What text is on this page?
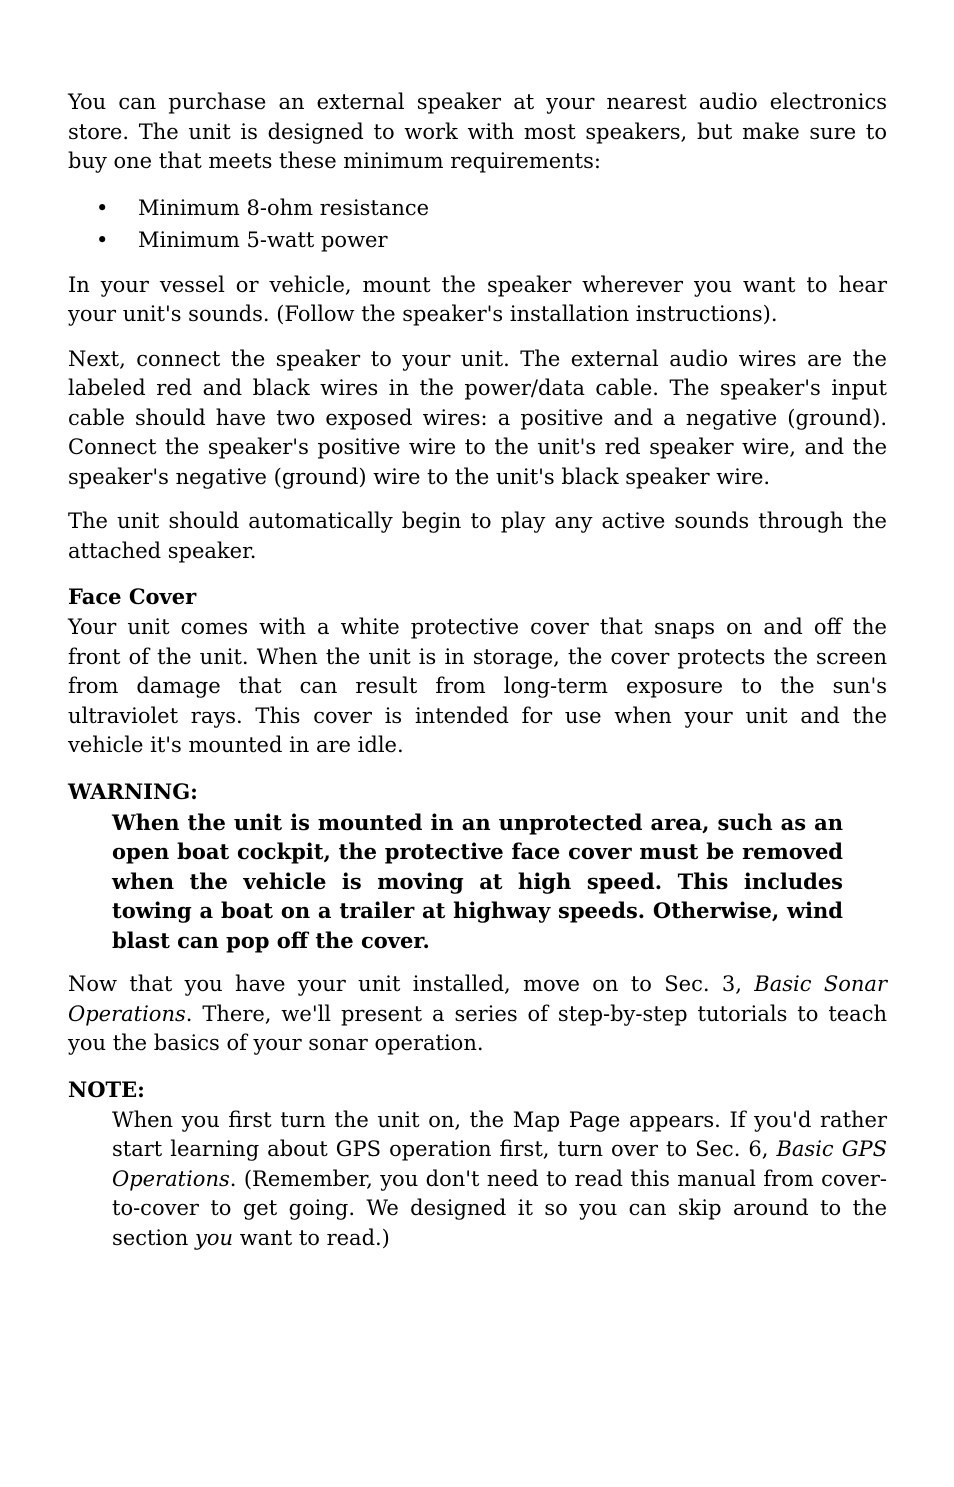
You can purchase an external speaker at your nearest audio electronics store. The unit is designed to work with most speakers, but make sure to buy one that meets these minimum requirements:

• Minimum 8-ohm resistance
• Minimum 5-watt power

In your vessel or vehicle, mount the speaker wherever you want to hear your unit's sounds. (Follow the speaker's installation instructions).

Next, connect the speaker to your unit. The external audio wires are the labeled red and black wires in the power/data cable. The speaker's input cable should have two exposed wires: a positive and a negative (ground). Connect the speaker's positive wire to the unit's red speaker wire, and the speaker's negative (ground) wire to the unit's black speaker wire.

The unit should automatically begin to play any active sounds through the attached speaker.

Face Cover

Your unit comes with a white protective cover that snaps on and off the front of the unit. When the unit is in storage, the cover protects the screen from damage that can result from long-term exposure to the sun's ultraviolet rays. This cover is intended for use when your unit and the vehicle it's mounted in are idle.

WARNING:

When the unit is mounted in an unprotected area, such as an open boat cockpit, the protective face cover must be removed when the vehicle is moving at high speed. This includes towing a boat on a trailer at highway speeds. Otherwise, wind blast can pop off the cover.

Now that you have your unit installed, move on to Sec. 3, Basic Sonar Operations. There, we'll present a series of step-by-step tutorials to teach you the basics of your sonar operation.

NOTE:

When you first turn the unit on, the Map Page appears. If you'd rather start learning about GPS operation first, turn over to Sec. 6, Basic GPS Operations. (Remember, you don't need to read this manual from cover-to-cover to get going. We designed it so you can skip around to the section you want to read.)
